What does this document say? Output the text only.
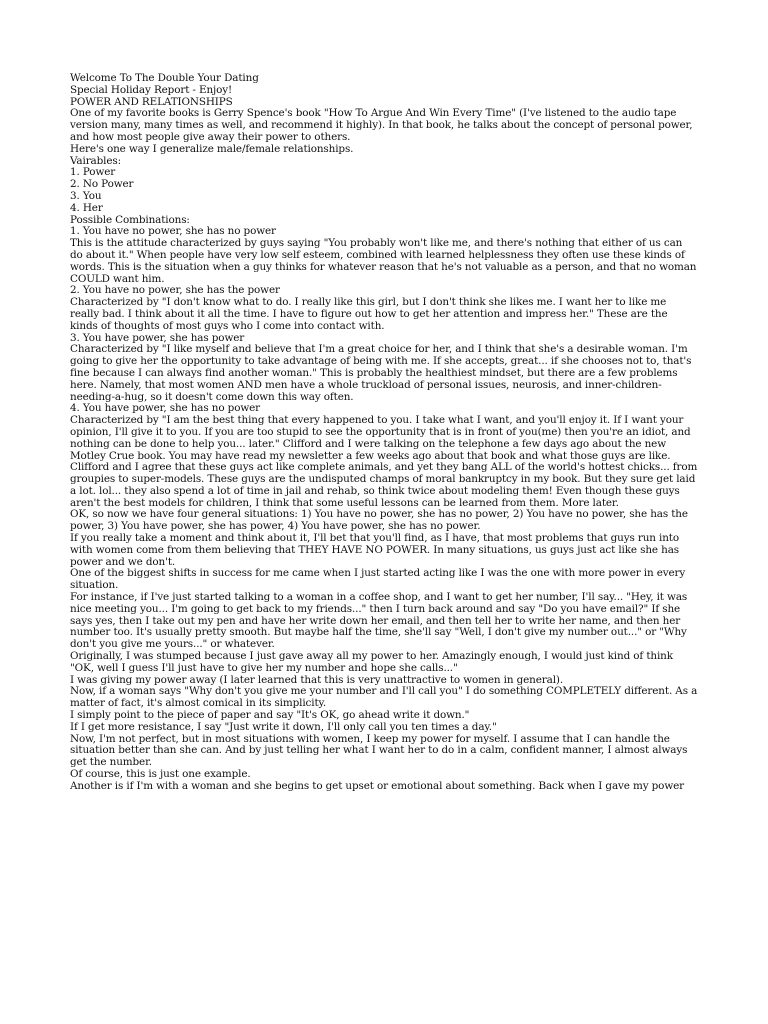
Welcome To The Double Your Dating

Special Holiday Report - Enjoy!

POWER AND RELATIONSHIPS

One of my favorite books is Gerry Spence's book "How To Argue And Win Every Time" (I've listened to the audio tape version many, many times as well, and recommend it highly). In that book, he talks about the concept of personal power, and how most people give away their power to others.

Here's one way I generalize male/female relationships.

Vairables:

1. Power

2. No Power

3. You

4. Her

Possible Combinations:

1. You have no power, she has no power

This is the attitude characterized by guys saying "You probably won't like me, and there's nothing that either of us can do about it." When people have very low self esteem, combined with learned helplessness they often use these kinds of words. This is the situation when a guy thinks for whatever reason that he's not valuable as a person, and that no woman COULD want him.

2. You have no power, she has the power

Characterized by "I don't know what to do. I really like this girl, but I don't think she likes me. I want her to like me really bad. I think about it all the time. I have to figure out how to get her attention and impress her." These are the kinds of thoughts of most guys who I come into contact with.

3. You have power, she has power

Characterized by "I like myself and believe that I'm a great choice for her, and I think that she's a desirable woman. I'm going to give her the opportunity to take advantage of being with me. If she accepts, great... if she chooses not to, that's fine because I can always find another woman." This is probably the healthiest mindset, but there are a few problems here. Namely, that most women AND men have a whole truckload of personal issues, neurosis, and inner-children-needing-a-hug, so it doesn't come down this way often.

4. You have power, she has no power

Characterized by "I am the best thing that every happened to you. I take what I want, and you'll enjoy it. If I want your opinion, I'll give it to you. If you are too stupid to see the opportunity that is in front of you(me) then you're an idiot, and nothing can be done to help you... later." Clifford and I were talking on the telephone a few days ago about the new Motley Crue book. You may have read my newsletter a few weeks ago about that book and what those guys are like. Clifford and I agree that these guys act like complete animals, and yet they bang ALL of the world's hottest chicks... from groupies to super-models. These guys are the undisputed champs of moral bankruptcy in my book. But they sure get laid a lot. lol... they also spend a lot of time in jail and rehab, so think twice about modeling them! Even though these guys aren't the best models for children, I think that some useful lessons can be learned from them. More later.

OK, so now we have four general situations: 1) You have no power, she has no power, 2) You have no power, she has the power, 3) You have power, she has power, 4) You have power, she has no power.

If you really take a moment and think about it, I'll bet that you'll find, as I have, that most problems that guys run into with women come from them believing that THEY HAVE NO POWER. In many situations, us guys just act like she has power and we don't.

One of the biggest shifts in success for me came when I just started acting like I was the one with more power in every situation.

For instance, if I've just started talking to a woman in a coffee shop, and I want to get her number, I'll say... "Hey, it was nice meeting you... I'm going to get back to my friends..." then I turn back around and say "Do you have email?" If she says yes, then I take out my pen and have her write down her email, and then tell her to write her name, and then her number too. It's usually pretty smooth. But maybe half the time, she'll say "Well, I don't give my number out..." or "Why don't you give me yours..." or whatever.

Originally, I was stumped because I just gave away all my power to her. Amazingly enough, I would just kind of think "OK, well I guess I'll just have to give her my number and hope she calls..."

I was giving my power away (I later learned that this is very unattractive to women in general).

Now, if a woman says "Why don't you give me your number and I'll call you" I do something COMPLETELY different. As a matter of fact, it's almost comical in its simplicity.

I simply point to the piece of paper and say "It's OK, go ahead write it down."

If I get more resistance, I say "Just write it down, I'll only call you ten times a day."

Now, I'm not perfect, but in most situations with women, I keep my power for myself. I assume that I can handle the situation better than she can. And by just telling her what I want her to do in a calm, confident manner, I almost always get the number.

Of course, this is just one example.

Another is if I'm with a woman and she begins to get upset or emotional about something. Back when I gave my power
